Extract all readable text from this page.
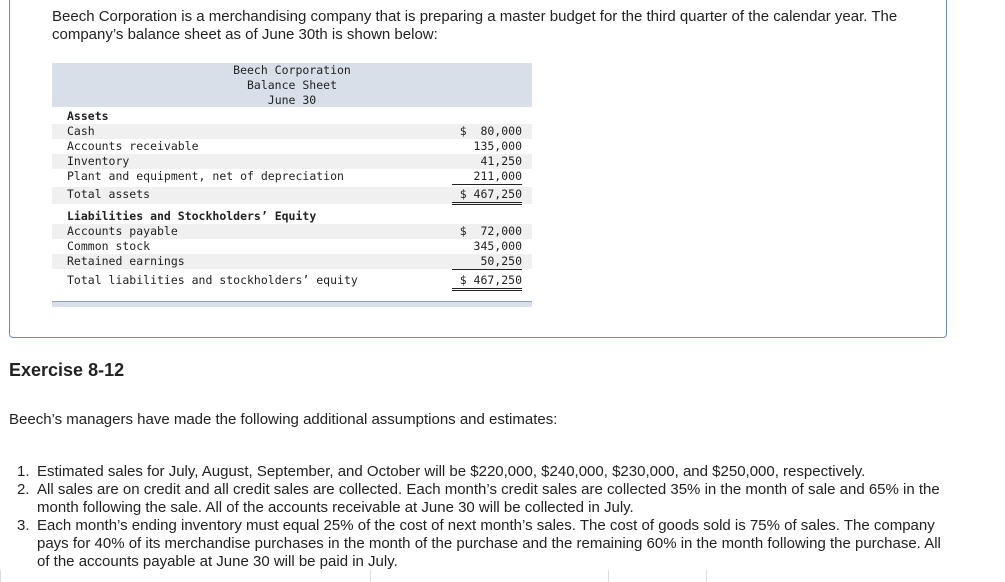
Beech Corporation is a merchandising company that is preparing a master budget for the third quarter of the calendar year. The company’s balance sheet as of June 30th is shown below:
Beech Corporation
Balance Sheet
June 30
Assets
Cash	$  80,000
Accounts receivable	135,000
Inventory	41,250
Plant and equipment, net of depreciation	211,000
Total assets	$ 467,250
Liabilities and Stockholders’ Equity
Accounts payable	$  72,000
Common stock	345,000
Retained earnings	50,250
Total liabilities and stockholders’ equity	$ 467,250
Exercise 8-12
Beech’s managers have made the following additional assumptions and estimates:
1. Estimated sales for July, August, September, and October will be $220,000, $240,000, $230,000, and $250,000, respectively.
2. All sales are on credit and all credit sales are collected. Each month’s credit sales are collected 35% in the month of sale and 65% in the month following the sale. All of the accounts receivable at June 30 will be collected in July.
3. Each month’s ending inventory must equal 25% of the cost of next month’s sales. The cost of goods sold is 75% of sales. The company pays for 40% of its merchandise purchases in the month of the purchase and the remaining 60% in the month following the purchase. All of the accounts payable at June 30 will be paid in July.
